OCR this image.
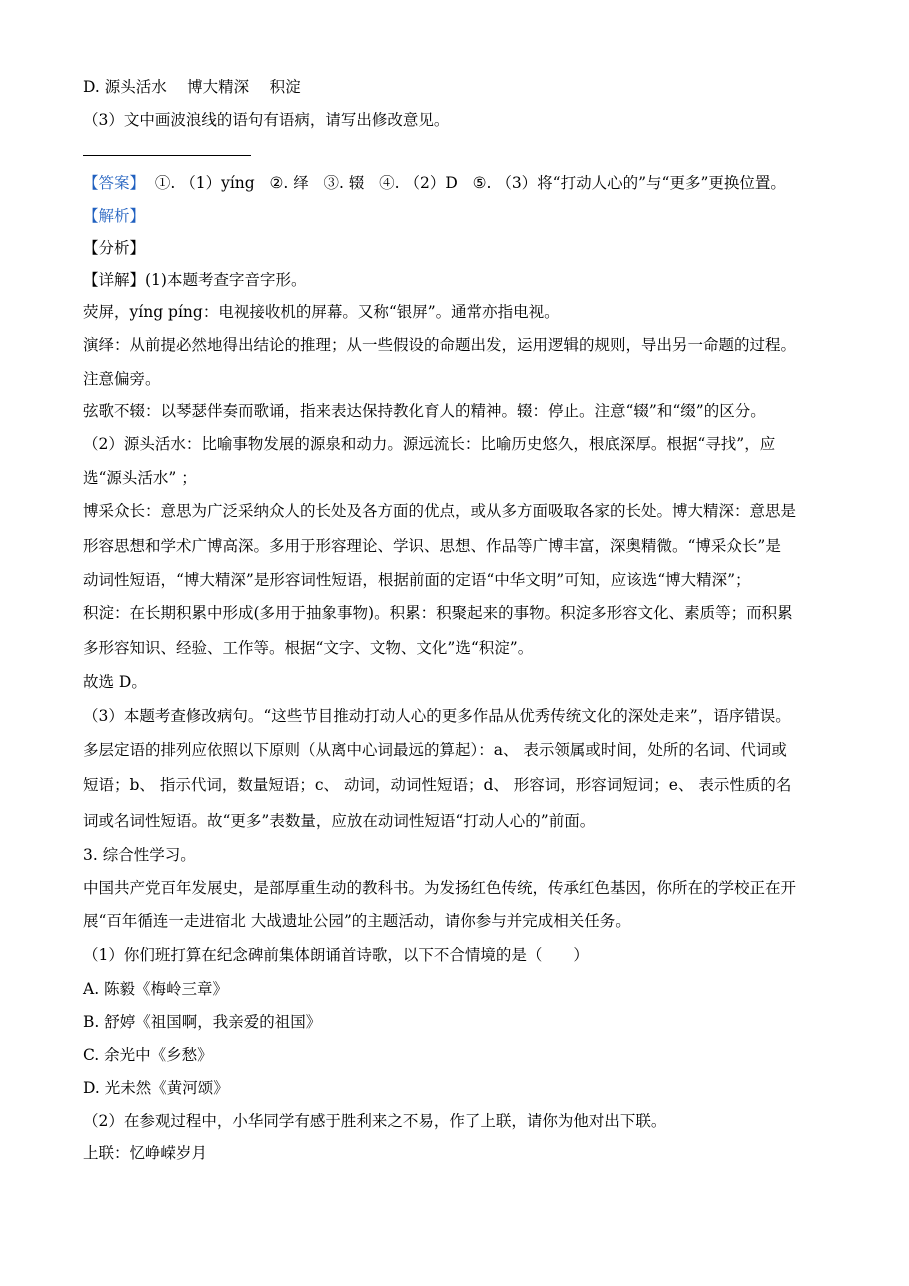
D. 源头活水　 博大精深　 积淀
（3）文中画波浪线的语句有语病，请写出修改意见。
【答案】  ①. （1）yíng   ②. 绎   ③. 辍   ④. （2）D   ⑤. （3）将“打动人心的”与“更多”更换位置。
【解析】
【分析】
【详解】(1)本题考查字音字形。
荧屏，yíng píng：电视接收机的屏幕。又称“银屏”。通常亦指电视。
演绎：从前提必然地得出结论的推理；从一些假设的命题出发，运用逻辑的规则，导出另一命题的过程。
注意偏旁。
弦歌不辍：以琴瑟伴奏而歌诵，指来表达保持教化育人的精神。辍：停止。注意“辍”和“缀”的区分。
（2）源头活水：比喻事物发展的源泉和动力。源远流长：比喻历史悠久，根底深厚。根据“寻找”，应
选“源头活水” ；
博采众长：意思为广泛采纳众人的长处及各方面的优点，或从多方面吸取各家的长处。博大精深：意思是
形容思想和学术广博高深。多用于形容理论、学识、思想、作品等广博丰富，深奥精微。“博采众长”是
动词性短语，“博大精深”是形容词性短语，根据前面的定语“中华文明”可知，应该选“博大精深”；
积淀：在长期积累中形成(多用于抽象事物)。积累：积聚起来的事物。积淀多形容文化、素质等；而积累
多形容知识、经验、工作等。根据“文字、文物、文化”选“积淀”。
故选 D。
（3）本题考查修改病句。“这些节目推动打动人心的更多作品从优秀传统文化的深处走来”，语序错误。
多层定语的排列应依照以下原则（从离中心词最远的算起）：a、 表示领属或时间，处所的名词、代词或
短语；b、 指示代词，数量短语；c、 动词，动词性短语；d、 形容词，形容词短词；e、 表示性质的名
词或名词性短语。故“更多”表数量，应放在动词性短语“打动人心的”前面。
3. 综合性学习。
中国共产党百年发展史，是部厚重生动的教科书。为发扬红色传统，传承红色基因，你所在的学校正在开
展“百年循连一走进宿北 大战遗址公园”的主题活动，请你参与并完成相关任务。
（1）你们班打算在纪念碑前集体朗诵首诗歌，以下不合情境的是（　　）
A. 陈毅《梅岭三章》
B. 舒婷《祖国啊，我亲爱的祖国》
C. 余光中《乡愁》
D. 光未然《黄河颂》
（2）在参观过程中，小华同学有感于胜利来之不易，作了上联，请你为他对出下联。
上联：忆峥嵘岁月
